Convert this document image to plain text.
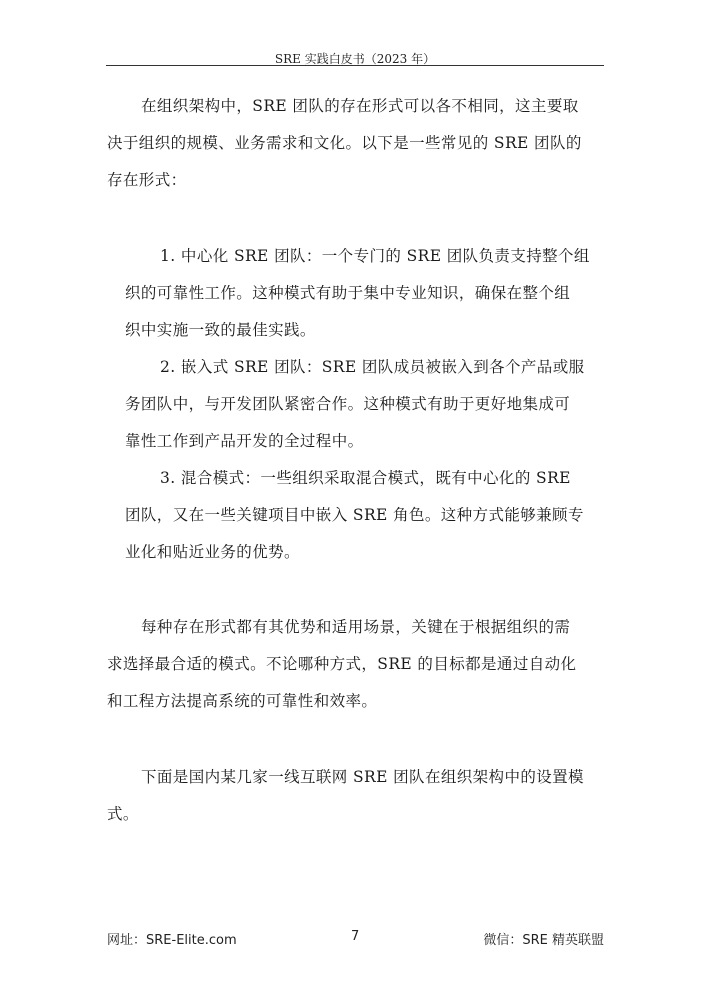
SRE 实践白皮书（2023 年）
在组织架构中，SRE 团队的存在形式可以各不相同，这主要取
决于组织的规模、业务需求和文化。以下是一些常见的 SRE 团队的
存在形式：
1. 中心化 SRE 团队：一个专门的 SRE 团队负责支持整个组
织的可靠性工作。这种模式有助于集中专业知识，确保在整个组
织中实施一致的最佳实践。
2. 嵌入式 SRE 团队：SRE 团队成员被嵌入到各个产品或服
务团队中，与开发团队紧密合作。这种模式有助于更好地集成可
靠性工作到产品开发的全过程中。
3. 混合模式：一些组织采取混合模式，既有中心化的 SRE
团队，又在一些关键项目中嵌入 SRE 角色。这种方式能够兼顾专
业化和贴近业务的优势。
每种存在形式都有其优势和适用场景，关键在于根据组织的需
求选择最合适的模式。不论哪种方式，SRE 的目标都是通过自动化
和工程方法提高系统的可靠性和效率。
下面是国内某几家一线互联网 SRE 团队在组织架构中的设置模
式。
网址：SRE-Elite.com	7	微信：SRE 精英联盟
